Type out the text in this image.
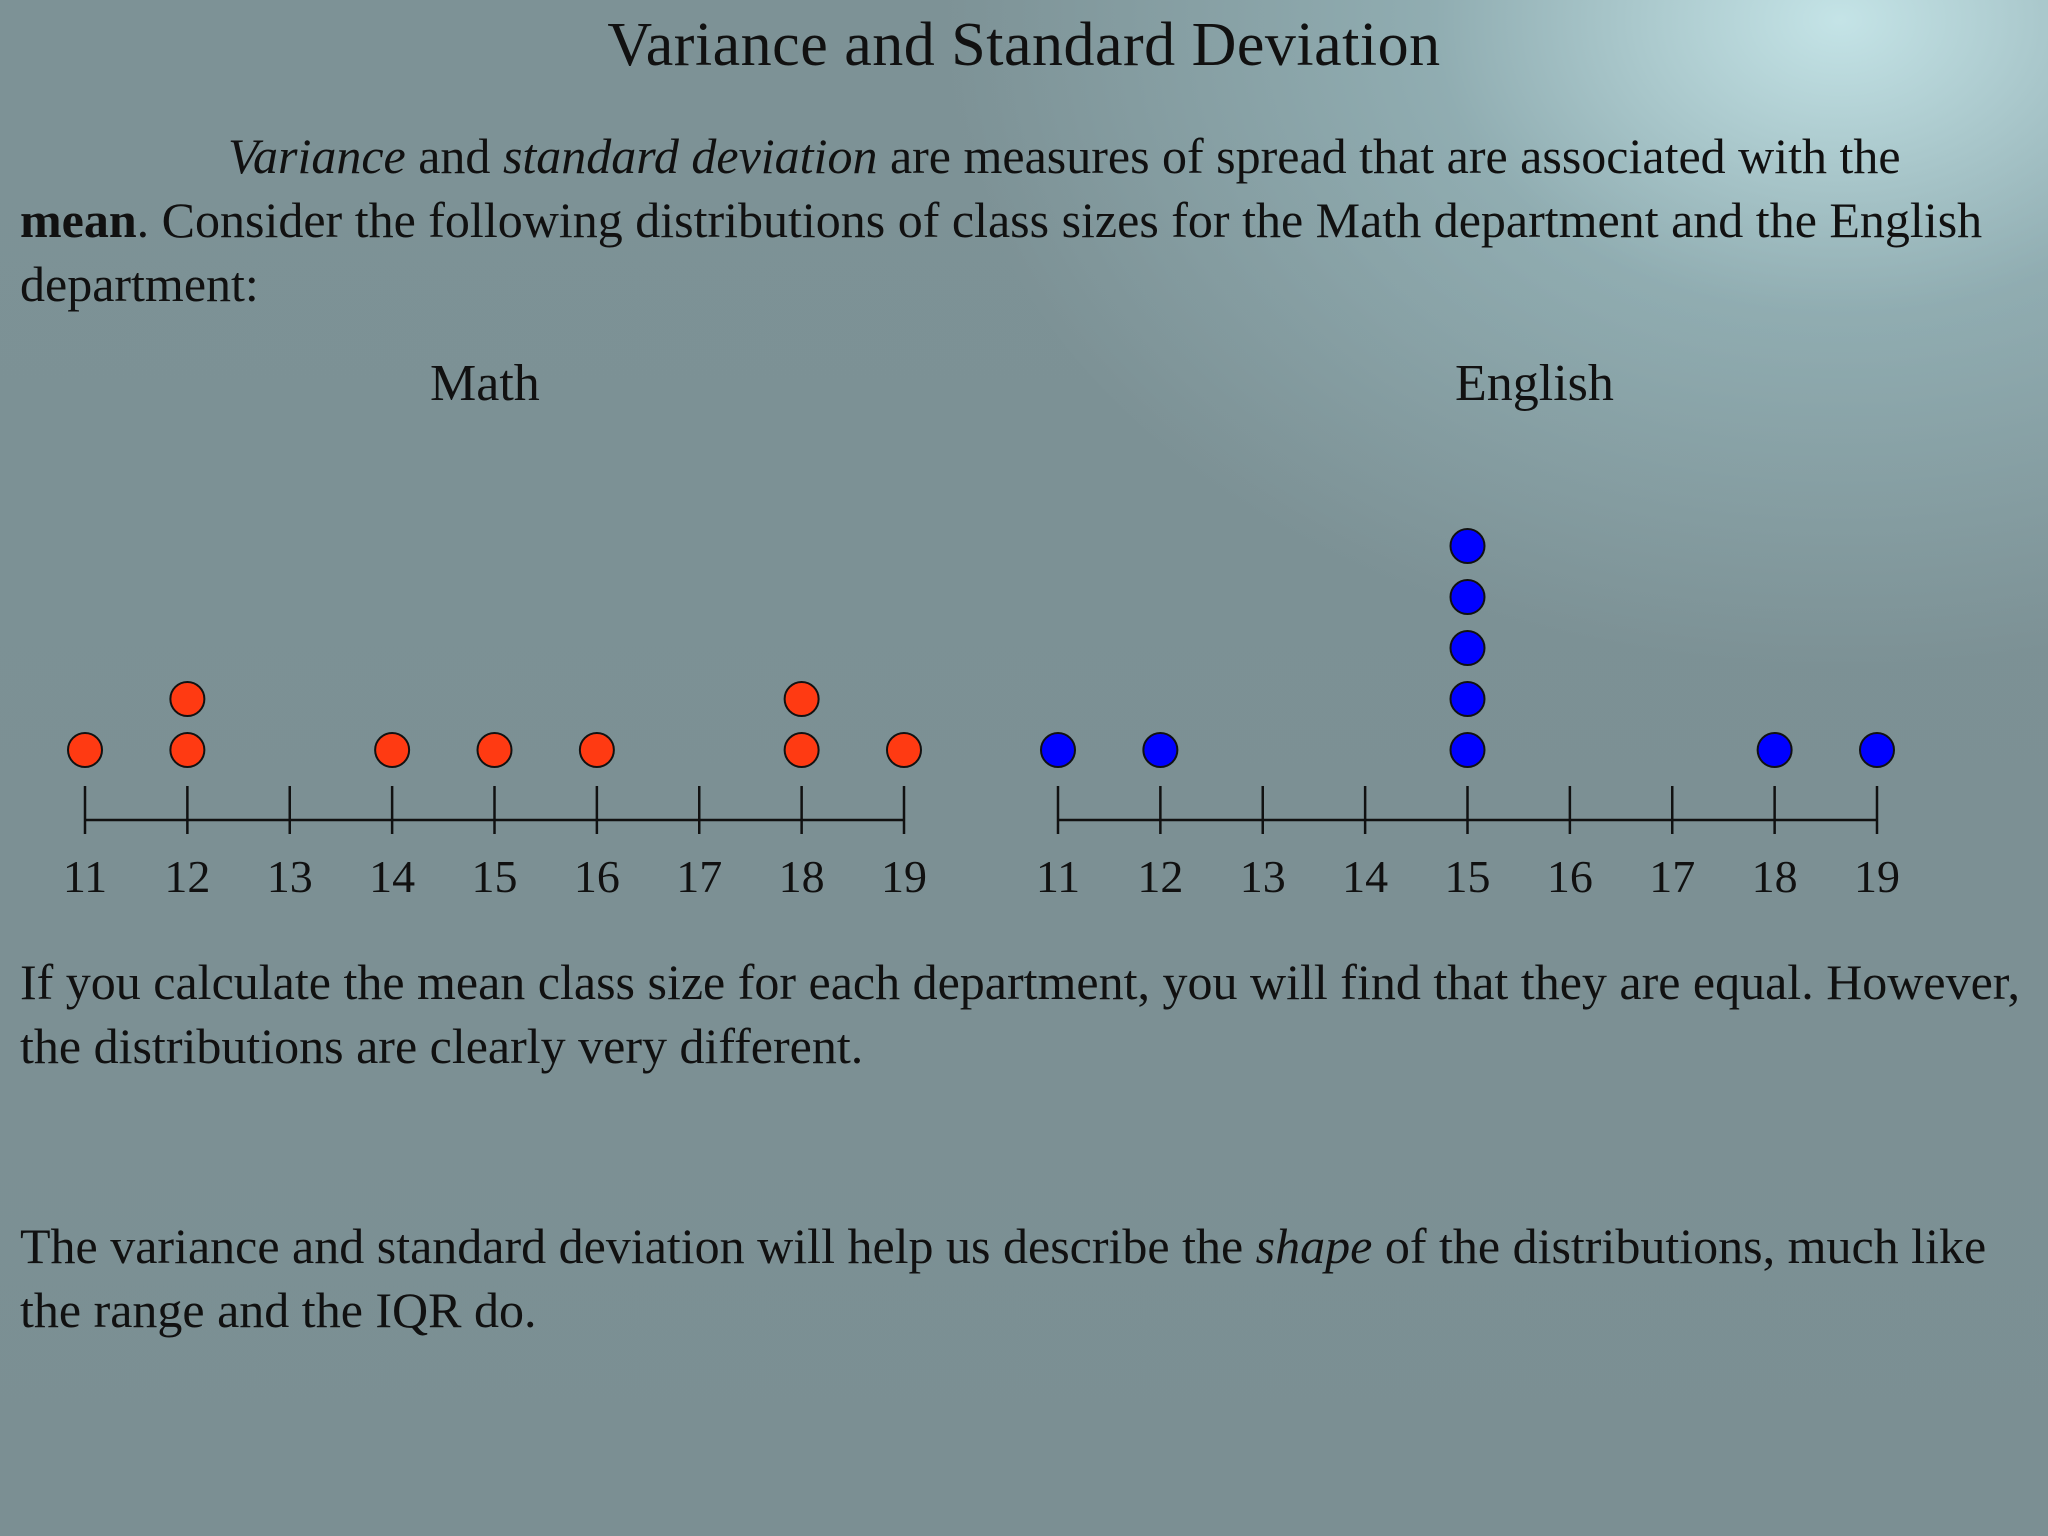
Variance and Standard Deviation
Variance and standard deviation are measures of spread that are associated with the mean. Consider the following distributions of class sizes for the Math department and the English department:
Math	English
11 12 13 14 15 16 17 18 19 11 12 13 14 15 16 17 18 19
If you calculate the mean class size for each department, you will find that they are equal. However, the distributions are clearly very different.
The variance and standard deviation will help us describe the shape of the distributions, much like the range and the IQR do.
